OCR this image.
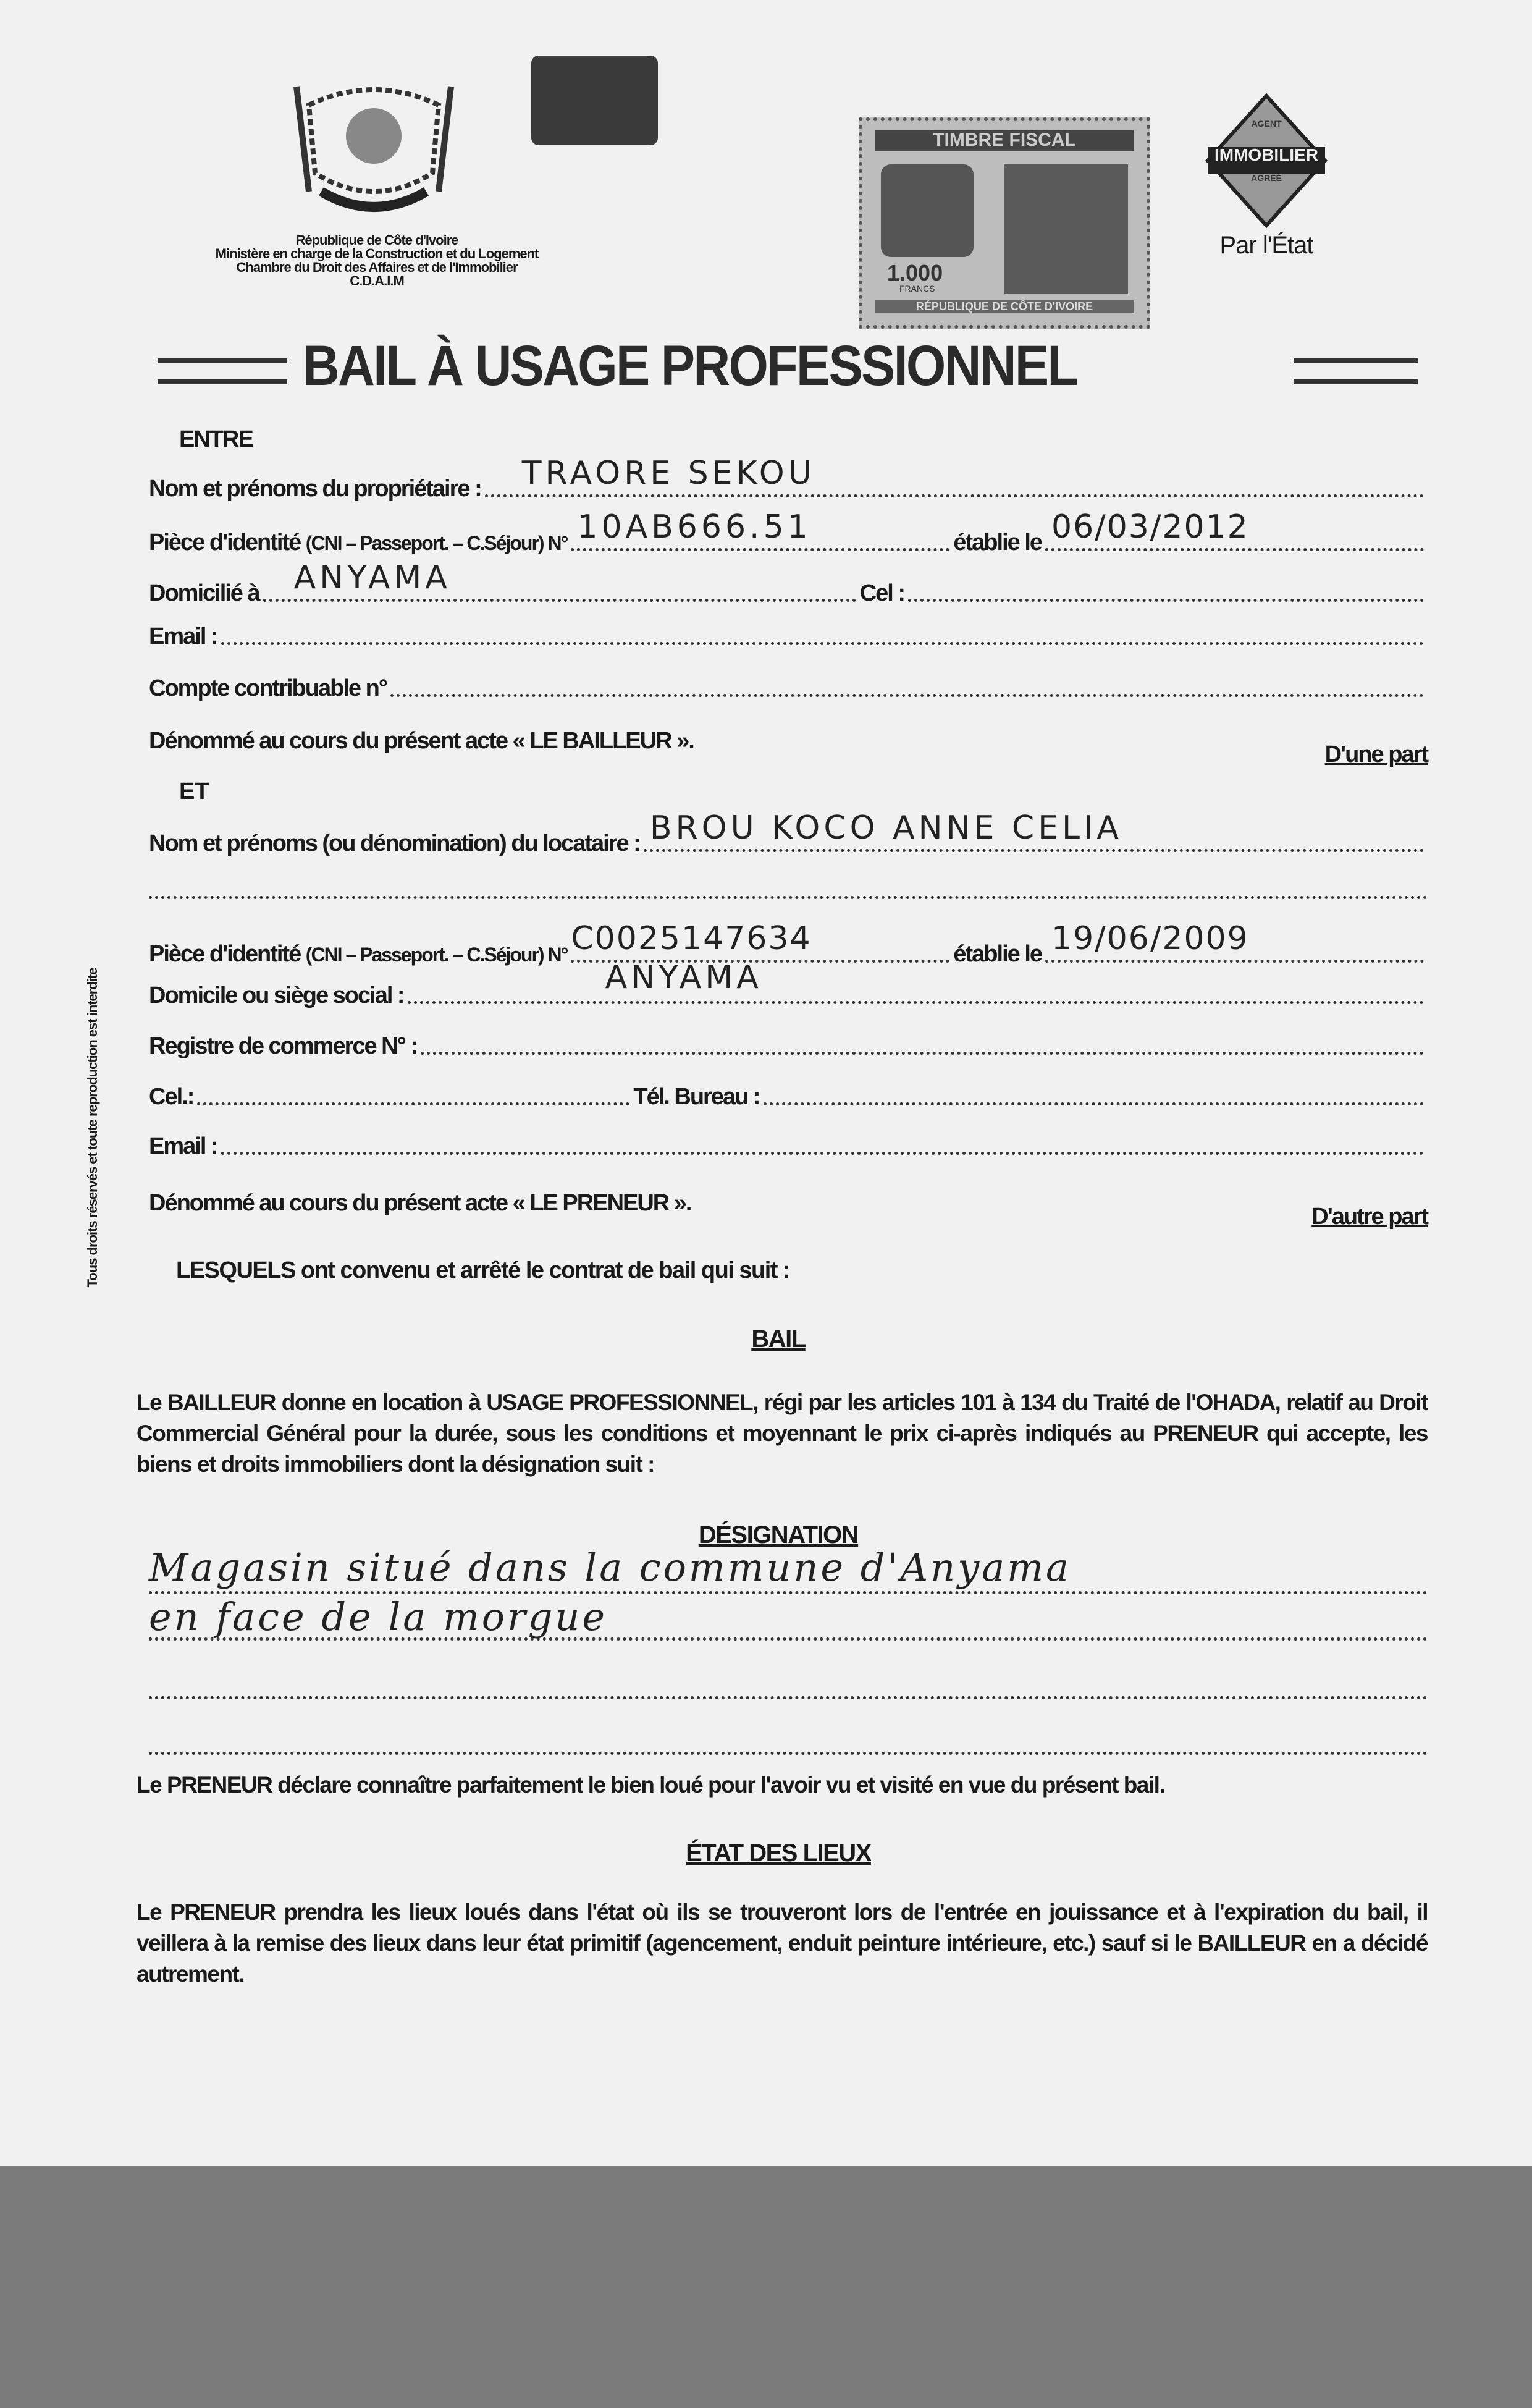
République de Côte d'Ivoire
Ministère en charge de la Construction et du Logement
Chambre du Droit des Affaires et de l'Immobilier
C.D.A.I.M
TIMBRE FISCAL
1.000
FRANCS
RÉPUBLIQUE DE CÔTE D'IVOIRE
IMMOBILIER
AGENT
AGRÉÉ
Par l'État
BAIL À USAGE PROFESSIONNEL
Tous droits réservés et toute reproduction est interdite
ENTRE
Nom et prénoms du propriétaire : TRAORE SEKOU
Pièce d'identité (CNI – Passeport. – C.Séjour) N° 10AB666.51	établie le 06/03/2012
Domicilié à ANYAMA	Cel :
Email :
Compte contribuable n°
Dénommé au cours du présent acte « LE BAILLEUR ».
D'une part
ET
Nom et prénoms (ou dénomination) du locataire : BROU KOCO ANNE CELIA
Pièce d'identité (CNI – Passeport. – C.Séjour) N° C0025147634	établie le 19/06/2009
Domicile ou siège social :	ANYAMA
Registre de commerce N° :
Cel.:	Tél. Bureau :
Email :
Dénommé au cours du présent acte « LE PRENEUR ».
D'autre part
LESQUELS ont convenu et arrêté le contrat de bail qui suit :
BAIL
Le BAILLEUR donne en location à USAGE PROFESSIONNEL, régi par les articles 101 à 134 du Traité de l'OHADA, relatif au Droit Commercial Général pour la durée, sous les conditions et moyennant le prix ci-après indiqués au PRENEUR qui accepte, les biens et droits immobiliers dont la désignation suit :
DÉSIGNATION
Magasin situé dans la commune d'Anyama
en face de la morgue
Le PRENEUR déclare connaître parfaitement le bien loué pour l'avoir vu et visité en vue du présent bail.
ÉTAT DES LIEUX
Le PRENEUR prendra les lieux loués dans l'état où ils se trouveront lors de l'entrée en jouissance et à l'expiration du bail, il veillera à la remise des lieux dans leur état primitif (agencement, enduit peinture intérieure, etc.) sauf si le BAILLEUR en a décidé autrement.
